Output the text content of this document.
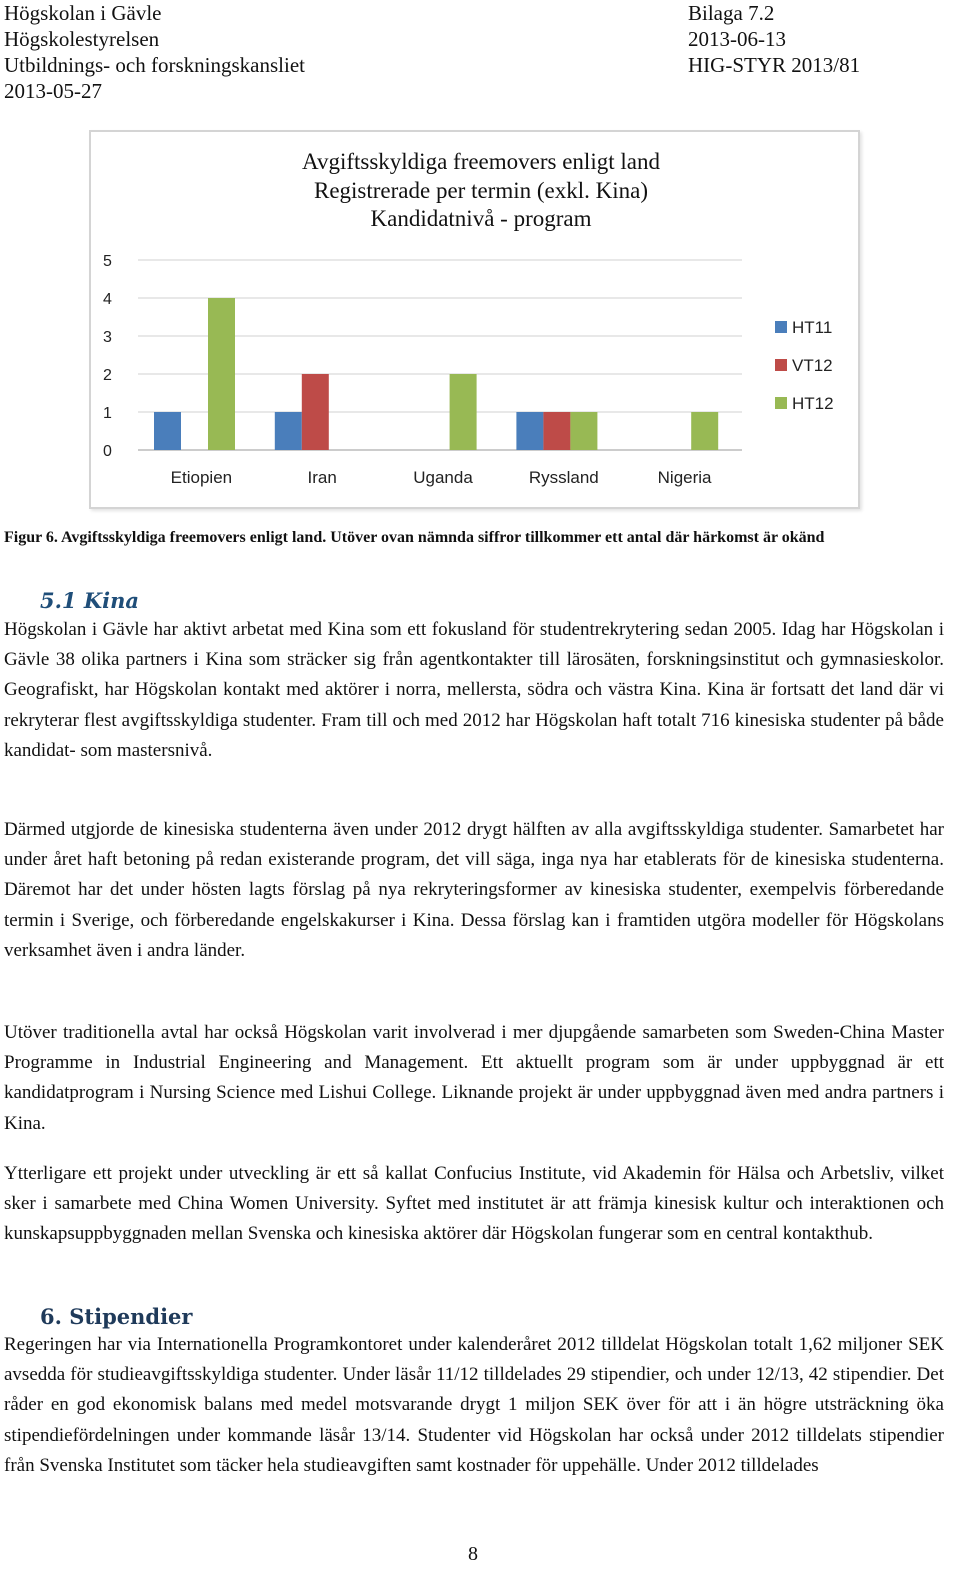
Högskolan i Gävle
Högskolestyrelsen
Utbildnings- och forskningskansliet
2013-05-27
Bilaga 7.2
2013-06-13
HIG-STYR 2013/81
Avgiftsskyldiga freemovers enligt land
Registrerade per termin (exkl. Kina)
Kandidatnivå - program
0
1
2
3
4
5
Etiopien	Iran	Uganda	Ryssland	Nigeria
HT11
VT12
HT12
Figur 6. Avgiftsskyldiga freemovers enligt land. Utöver ovan nämnda siffror tillkommer ett antal där härkomst är okänd
5.1 Kina
Högskolan i Gävle har aktivt arbetat med Kina som ett fokusland för studentrekrytering sedan 2005. Idag har Högskolan i Gävle 38 olika partners i Kina som sträcker sig från agentkontakter till lärosäten, forskningsinstitut och gymnasieskolor. Geografiskt, har Högskolan kontakt med aktörer i norra, mellersta, södra och västra Kina. Kina är fortsatt det land där vi rekryterar flest avgiftsskyldiga studenter. Fram till och med 2012 har Högskolan haft totalt 716 kinesiska studenter på både kandidat- som mastersnivå.
Därmed utgjorde de kinesiska studenterna även under 2012 drygt hälften av alla avgiftsskyldiga studenter. Samarbetet har under året haft betoning på redan existerande program, det vill säga, inga nya har etablerats för de kinesiska studenterna. Däremot har det under hösten lagts förslag på nya rekryteringsformer av kinesiska studenter, exempelvis förberedande termin i Sverige, och förberedande engelskakurser i Kina. Dessa förslag kan i framtiden utgöra modeller för Högskolans verksamhet även i andra länder.
Utöver traditionella avtal har också Högskolan varit involverad i mer djupgående samarbeten som Sweden-China Master Programme in Industrial Engineering and Management. Ett aktuellt program som är under uppbyggnad är ett kandidatprogram i Nursing Science med Lishui College. Liknande projekt är under uppbyggnad även med andra partners i Kina.
Ytterligare ett projekt under utveckling är ett så kallat Confucius Institute, vid Akademin för Hälsa och Arbetsliv, vilket sker i samarbete med China Women University. Syftet med institutet är att främja kinesisk kultur och interaktionen och kunskapsuppbyggnaden mellan Svenska och kinesiska aktörer där Högskolan fungerar som en central kontakthub.
6. Stipendier
Regeringen har via Internationella Programkontoret under kalenderåret 2012 tilldelat Högskolan totalt 1,62 miljoner SEK avsedda för studieavgiftsskyldiga studenter. Under läsår 11/12 tilldelades 29 stipendier, och under 12/13, 42 stipendier. Det råder en god ekonomisk balans med medel motsvarande drygt 1 miljon SEK över för att i än högre utsträckning öka stipendiefördelningen under kommande läsår 13/14. Studenter vid Högskolan har också under 2012 tilldelats stipendier från Svenska Institutet som täcker hela studieavgiften samt kostnader för uppehälle. Under 2012 tilldelades
8
